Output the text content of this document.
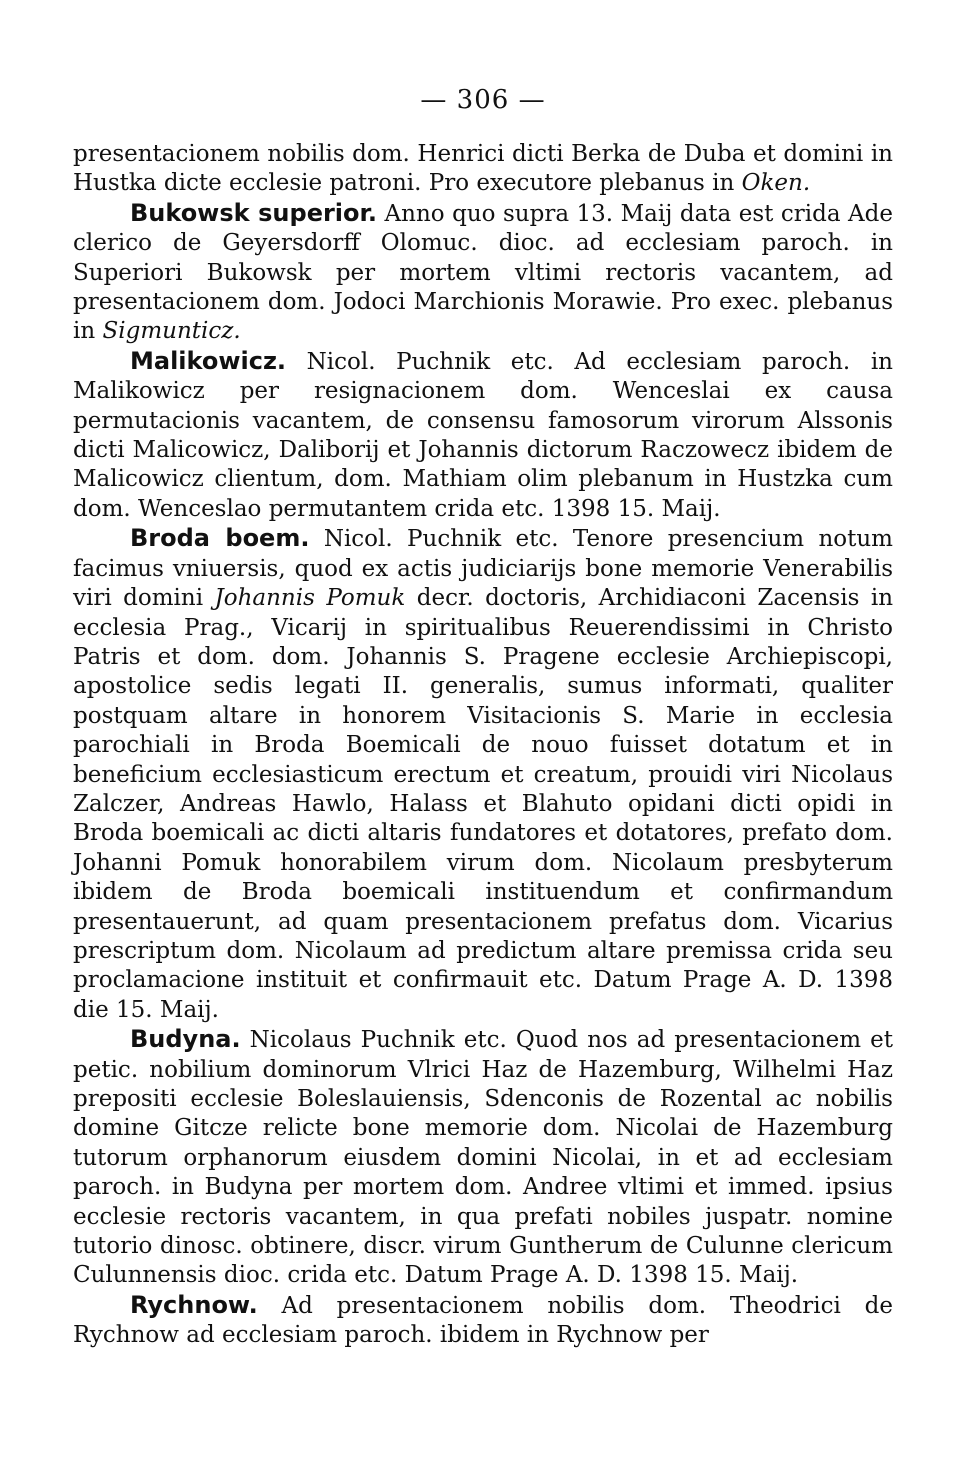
— 306 —

presentacionem nobilis dom. Henrici dicti Berka de Duba et domini in Hustka dicte ecclesie patroni. Pro executore plebanus in Oken.

Bukowsk superior. Anno quo supra 13. Maij data est crida Ade clerico de Geyersdorff Olomuc. dioc. ad ecclesiam paroch. in Superiori Bukowsk per mortem vltimi rectoris vacantem, ad presentacionem dom. Jodoci Marchionis Morawie. Pro exec. plebanus in Sigmunticz.

Malikowicz. Nicol. Puchnik etc. Ad ecclesiam paroch. in Malikowicz per resignacionem dom. Wenceslai ex causa permutacionis vacantem, de consensu famosorum virorum Alssonis dicti Malicowicz, Daliborij et Johannis dictorum Raczowecz ibidem de Malicowicz clientum, dom. Mathiam olim plebanum in Hustzka cum dom. Wenceslao permutantem crida etc. 1398 15. Maij.

Broda boem. Nicol. Puchnik etc. Tenore presencium notum facimus vniuersis, quod ex actis judiciarijs bone memorie Venerabilis viri domini Johannis Pomuk decr. doctoris, Archidiaconi Zacensis in ecclesia Prag., Vicarij in spiritualibus Reuerendissimi in Christo Patris et dom. dom. Johannis S. Pragene ecclesie Archiepiscopi, apostolice sedis legati II. generalis, sumus informati, qualiter postquam altare in honorem Visitacionis S. Marie in ecclesia parochiali in Broda Boemicali de nouo fuisset dotatum et in beneficium ecclesiasticum erectum et creatum, prouidi viri Nicolaus Zalczer, Andreas Hawlo, Halass et Blahuto opidani dicti opidi in Broda boemicali ac dicti altaris fundatores et dotatores, prefato dom. Johanni Pomuk honorabilem virum dom. Nicolaum presbyterum ibidem de Broda boemicali instituendum et confirmandum presentauerunt, ad quam presentacionem prefatus dom. Vicarius prescriptum dom. Nicolaum ad predictum altare premissa crida seu proclamacione instituit et confirmauit etc. Datum Prage A. D. 1398 die 15. Maij.

Budyna. Nicolaus Puchnik etc. Quod nos ad presentacionem et petic. nobilium dominorum Vlrici Haz de Hazemburg, Wilhelmi Haz prepositi ecclesie Boleslauiensis, Sdenconis de Rozental ac nobilis domine Gitcze relicte bone memorie dom. Nicolai de Hazemburg tutorum orphanorum eiusdem domini Nicolai, in et ad ecclesiam paroch. in Budyna per mortem dom. Andree vltimi et immed. ipsius ecclesie rectoris vacantem, in qua prefati nobiles juspatr. nomine tutorio dinosc. obtinere, discr. virum Guntherum de Culunne clericum Culunnensis dioc. crida etc. Datum Prage A. D. 1398 15. Maij.

Rychnow. Ad presentacionem nobilis dom. Theodrici de Rychnow ad ecclesiam paroch. ibidem in Rychnow per
